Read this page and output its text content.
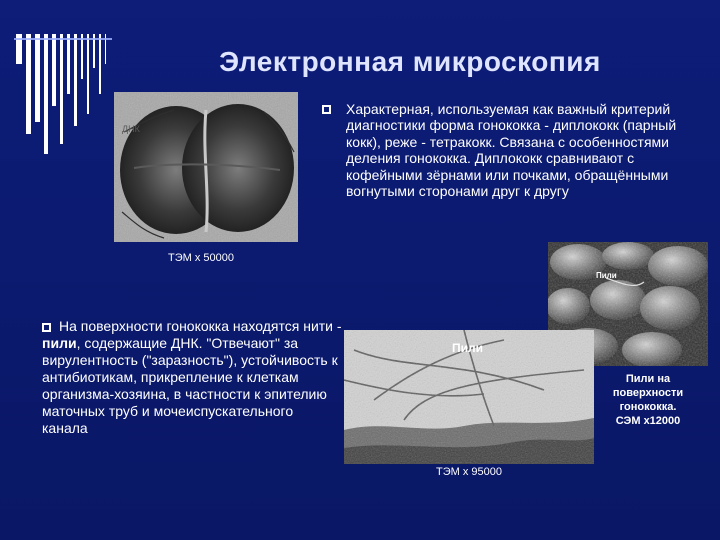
Электронная микроскопия
ДНК
Характерная, используемая как важный критерий диагностики форма гонококка - диплококк (парный кокк), реже - тетракокк. Связана с особенностями деления гонококка. Диплококк сравнивают с кофейными зёрнами или почками, обращёнными вогнутыми сторонами друг к другу
ТЭМ х 50000
Пили
На поверхности гонококка находятся нити - пили, содержащие ДНК. "Отвечают" за вирулентность ("заразность"), устойчивость к антибиотикам, прикрепление к клеткам организма-хозяина, в частности к эпителию маточных труб и мочеиспускательного канала
Пили
Пили на
поверхности
гонококка.
СЭМ х12000
ТЭМ х 95000
